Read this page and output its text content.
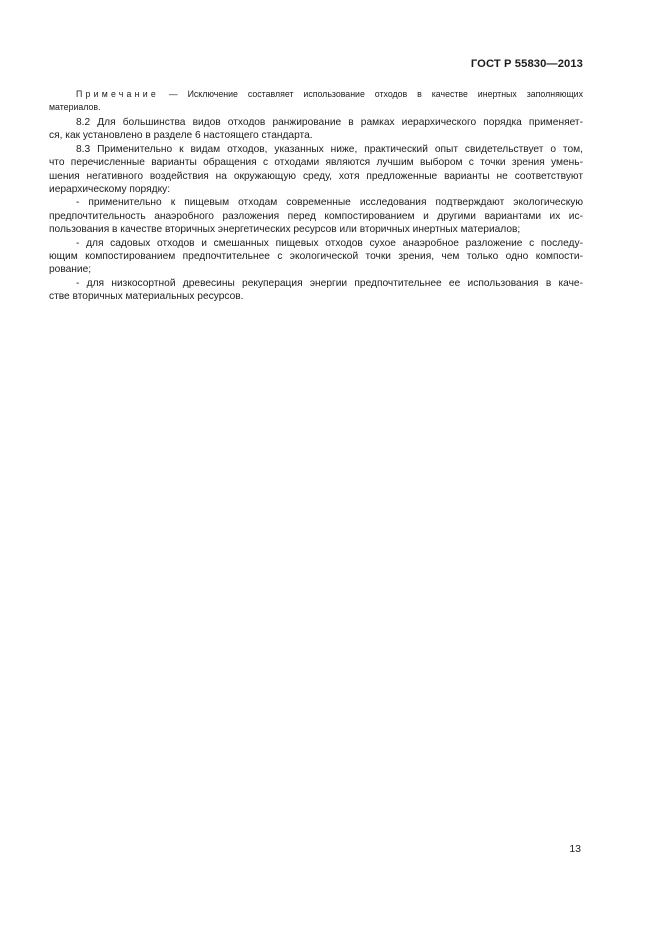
ГОСТ Р 55830—2013
Примечание — Исключение составляет использование отходов в качестве инертных заполняющих
материалов.
8.2 Для большинства видов отходов ранжирование в рамках иерархического порядка применяет-
ся, как установлено в разделе 6 настоящего стандарта.
8.3 Применительно к видам отходов, указанных ниже, практический опыт свидетельствует о том,
что перечисленные варианты обращения с отходами являются лучшим выбором с точки зрения умень-
шения негативного воздействия на окружающую среду, хотя предложенные варианты не соответствуют
иерархическому порядку:
- применительно к пищевым отходам современные исследования подтверждают экологическую
предпочтительность анаэробного разложения перед компостированием и другими вариантами их ис-
пользования в качестве вторичных энергетических ресурсов или вторичных инертных материалов;
- для садовых отходов и смешанных пищевых отходов сухое анаэробное разложение с последу-
ющим компостированием предпочтительнее с экологической точки зрения, чем только одно компости-
рование;
- для низкосортной древесины рекуперация энергии предпочтительнее ее использования в каче-
стве вторичных материальных ресурсов.
13
